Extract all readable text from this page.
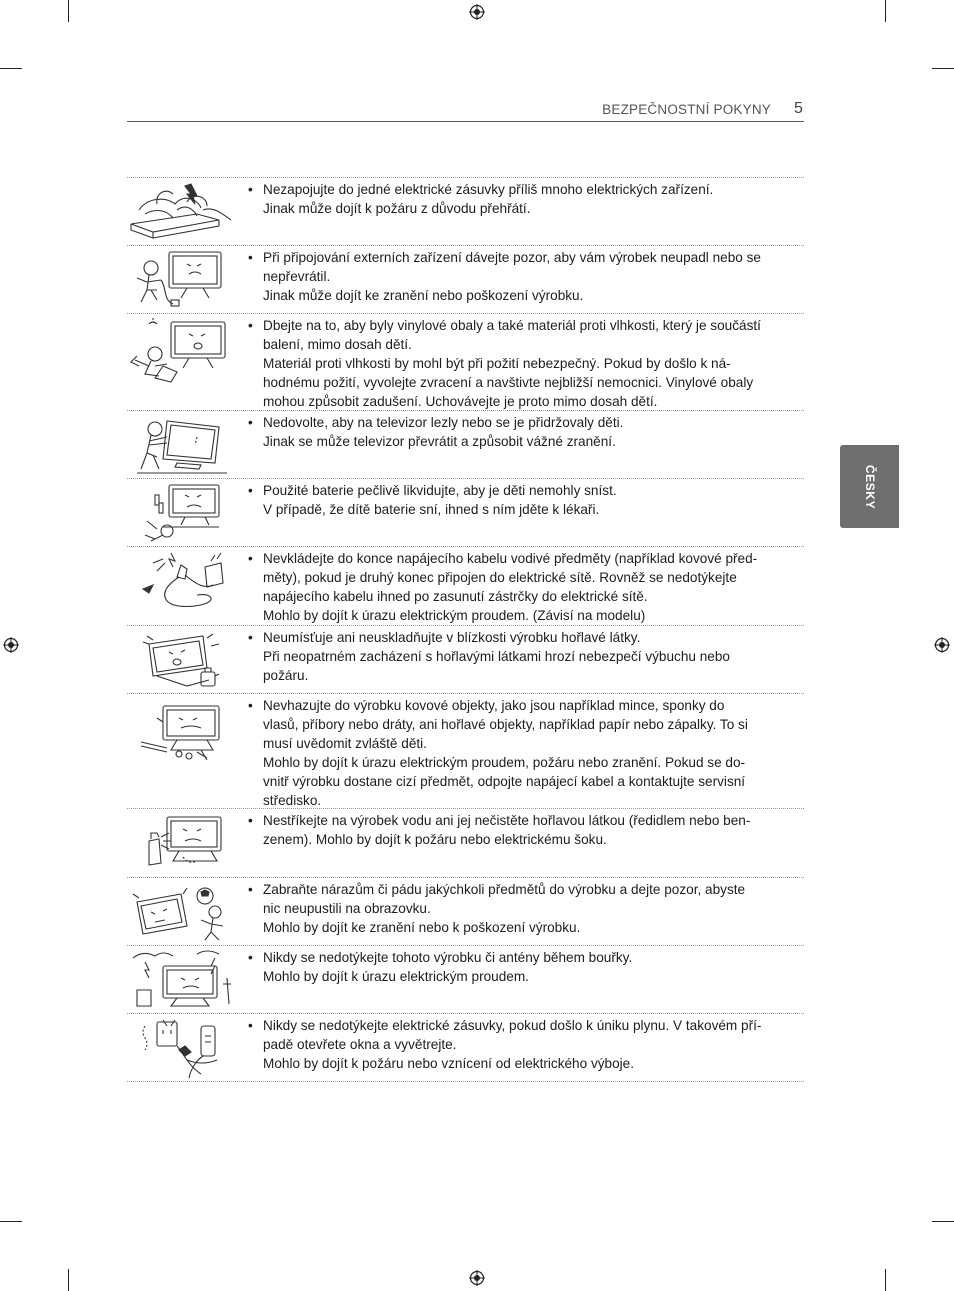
BEZPEČNOSTNÍ POKYNY 5
ČESKY
• Nezapojujte do jedné elektrické zásuvky příliš mnoho elektrických zařízení.

Jinak může dojít k požáru z důvodu přehřátí.

• Při připojování externích zařízení dávejte pozor, aby vám výrobek neupadl nebo se

nepřevrátil.

Jinak může dojít ke zranění nebo poškození výrobku.

• Dbejte na to, aby byly vinylové obaly a také materiál proti vlhkosti, který je součástí

balení, mimo dosah dětí.

Materiál proti vlhkosti by mohl být při požití nebezpečný. Pokud by došlo k ná-

hodnému požití, vyvolejte zvracení a navštivte nejbližší nemocnici. Vinylové obaly

mohou způsobit zadušení. Uchovávejte je proto mimo dosah dětí.

• Nedovolte, aby na televizor lezly nebo se je přidržovaly děti.

Jinak se může televizor převrátit a způsobit vážné zranění.

• Použité baterie pečlivě likvidujte, aby je děti nemohly sníst.

V případě, že dítě baterie sní, ihned s ním jděte k lékaři.

• Nevkládejte do konce napájecího kabelu vodivé předměty (například kovové před-

měty), pokud je druhý konec připojen do elektrické sítě. Rovněž se nedotýkejte

napájecího kabelu ihned po zasunutí zástrčky do elektrické sítě.

Mohlo by dojít k úrazu elektrickým proudem. (Závisí na modelu)

• Neumísťuje ani neuskladňujte v blízkosti výrobku hořlavé látky.

Při neopatrném zacházení s hořlavými látkami hrozí nebezpečí výbuchu nebo

požáru.

• Nevhazujte do výrobku kovové objekty, jako jsou například mince, sponky do

vlasů, příbory nebo dráty, ani hořlavé objekty, například papír nebo zápalky. To si

musí uvědomit zvláště děti.

Mohlo by dojít k úrazu elektrickým proudem, požáru nebo zranění. Pokud se do-

vnitř výrobku dostane cizí předmět, odpojte napájecí kabel a kontaktujte servisní

středisko.

• Nestříkejte na výrobek vodu ani jej nečistěte hořlavou látkou (ředidlem nebo ben-

zenem). Mohlo by dojít k požáru nebo elektrickému šoku.

• Zabraňte nárazům či pádu jakýchkoli předmětů do výrobku a dejte pozor, abyste

nic neupustili na obrazovku.

Mohlo by dojít ke zranění nebo k poškození výrobku.

• Nikdy se nedotýkejte tohoto výrobku či antény během bouřky.

Mohlo by dojít k úrazu elektrickým proudem.

• Nikdy se nedotýkejte elektrické zásuvky, pokud došlo k úniku plynu. V takovém pří-

padě otevřete okna a vyvětrejte.

Mohlo by dojít k požáru nebo vznícení od elektrického výboje.
